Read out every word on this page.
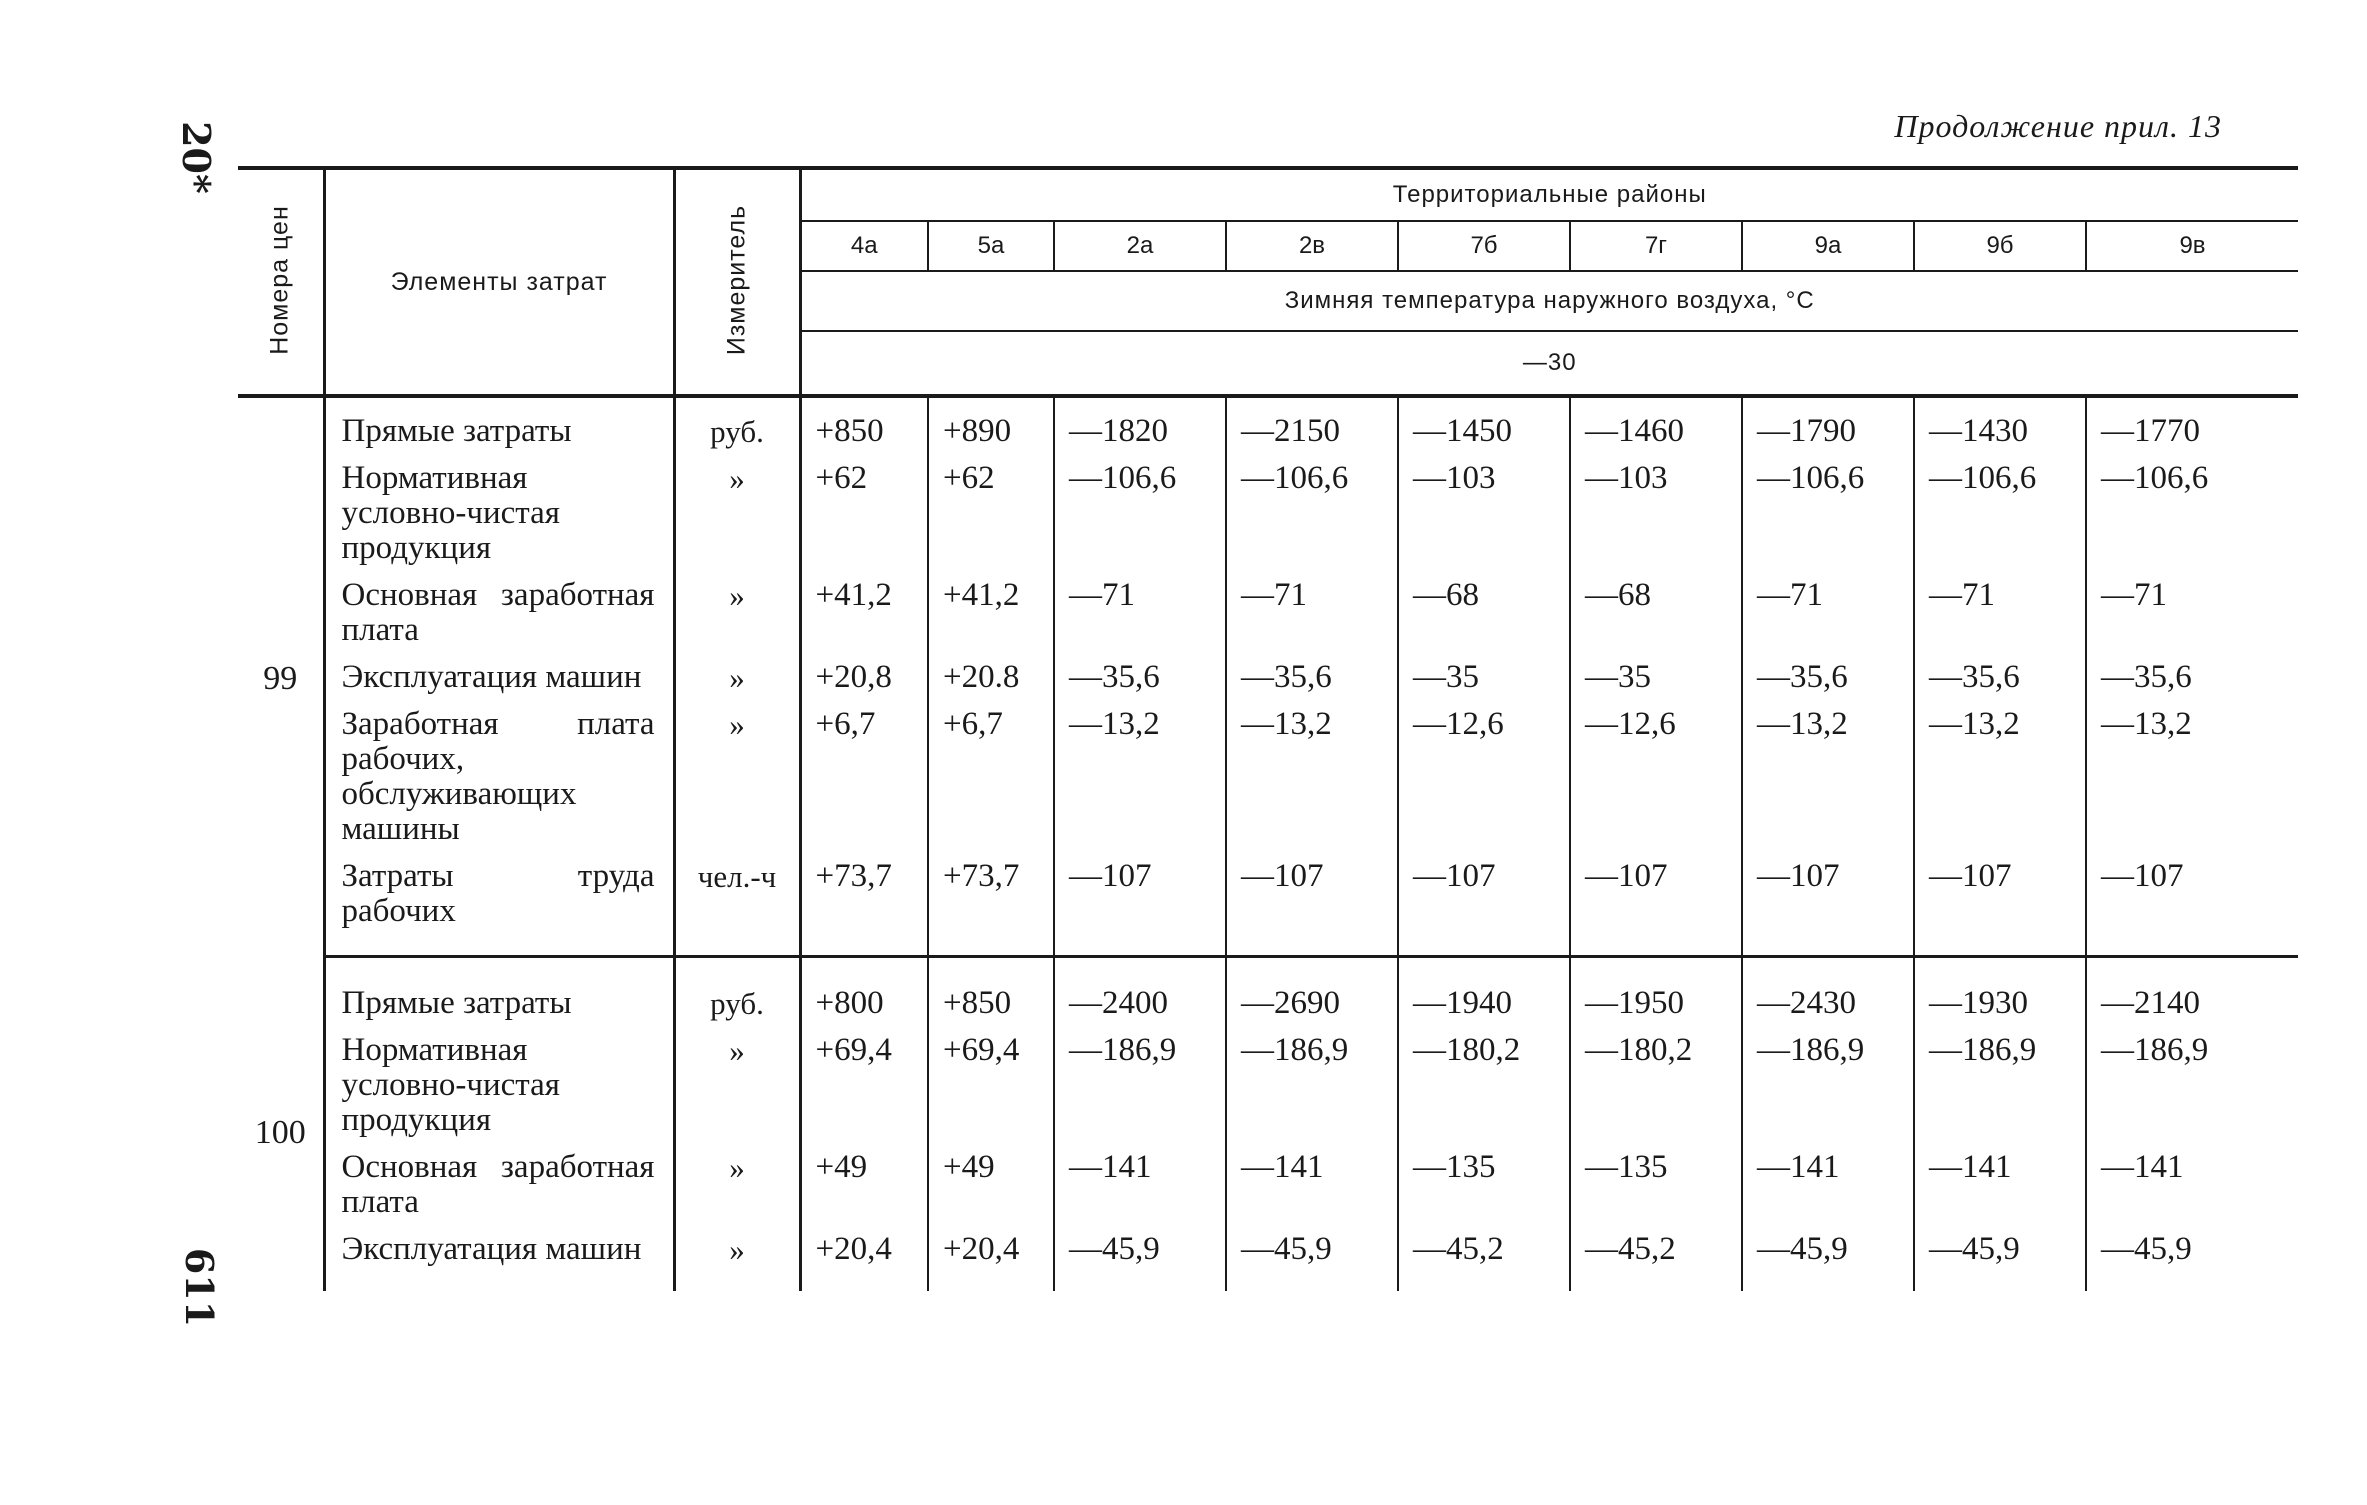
20*
611
Продолжение прил. 13
Номера цен	Элементы затрат	Измеритель	Территориальные районы								
			4а	5а	2а	2в	7б	7г	9а	9б	9в
			Зимняя температура наружного воздуха, °С								
			—30								

99	Прямые затраты	руб.	+850	+890	—1820	—2150	—1450	—1460	—1790	—1430	—1770
	Нормативная условно-чистая продукция	»	+62	+62	—106,6	—106,6	—103	—103	—106,6	—106,6	—106,6
	Основная заработная плата	»	+41,2	+41,2	—71	—71	—68	—68	—71	—71	—71
	Эксплуатация машин	»	+20,8	+20.8	—35,6	—35,6	—35	—35	—35,6	—35,6	—35,6
	Заработная плата рабочих, обслуживающих машины	»	+6,7	+6,7	—13,2	—13,2	—12,6	—12,6	—13,2	—13,2	—13,2
	Затраты труда рабочих	чел.-ч	+73,7	+73,7	—107	—107	—107	—107	—107	—107	—107

100	Прямые затраты	руб.	+800	+850	—2400	—2690	—1940	—1950	—2430	—1930	—2140
	Нормативная условно-чистая продукция	»	+69,4	+69,4	—186,9	—186,9	—180,2	—180,2	—186,9	—186,9	—186,9
	Основная заработная плата	»	+49	+49	—141	—141	—135	—135	—141	—141	—141
	Эксплуатация машин	»	+20,4	+20,4	—45,9	—45,9	—45,2	—45,2	—45,9	—45,9	—45,9
